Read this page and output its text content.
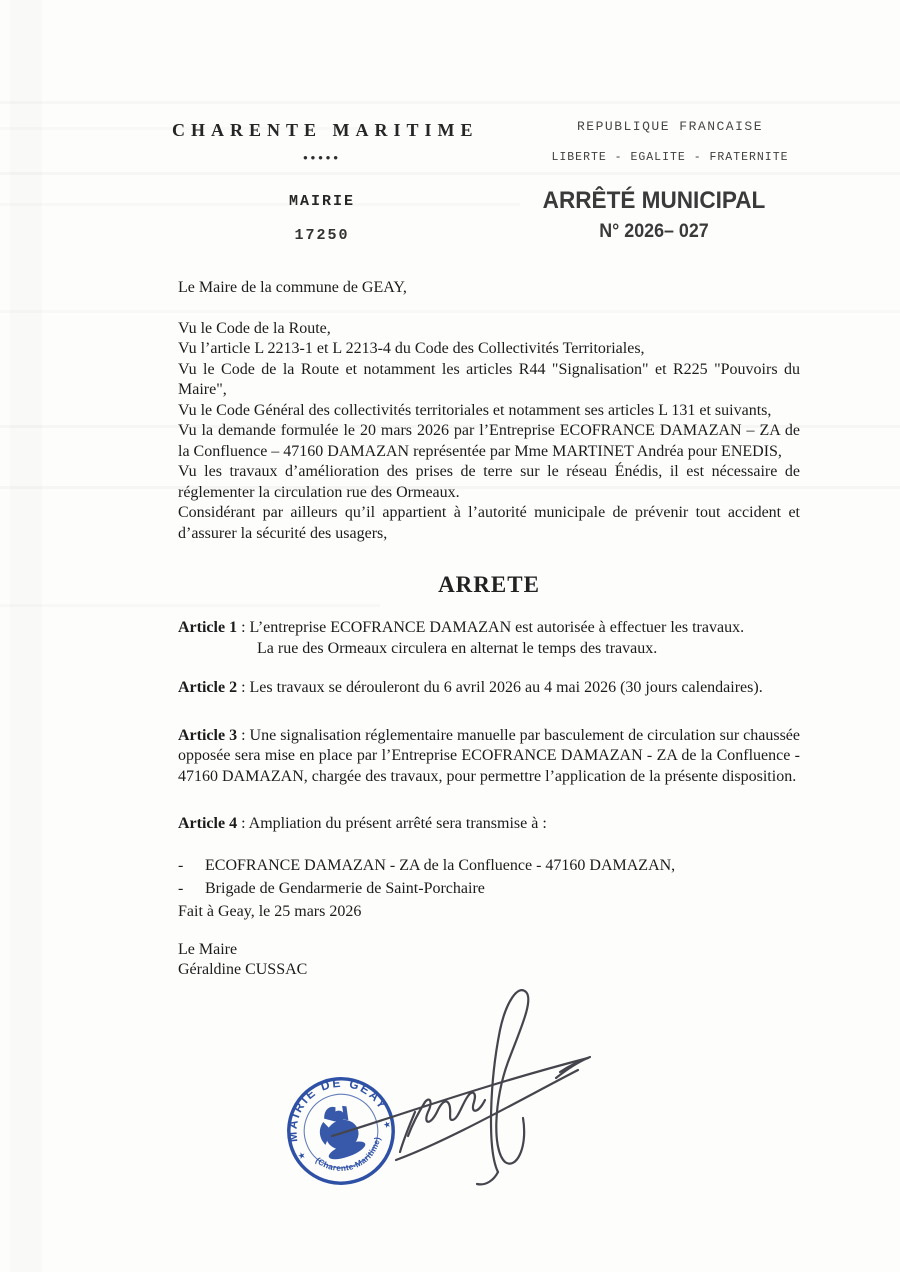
CHARENTE MARITIME
•••••
MAIRIE
17250
REPUBLIQUE FRANCAISE
LIBERTE - EGALITE - FRATERNITE
ARRÊTÉ MUNICIPAL
N° 2026– 027

Le Maire de la commune de GEAY,

Vu le Code de la Route,

Vu l’article L 2213-1 et L 2213-4 du Code des Collectivités Territoriales,

Vu le Code de la Route et notamment les articles R44 "Signalisation" et R225 "Pouvoirs du Maire",

Vu le Code Général des collectivités territoriales et notamment ses articles L 131 et suivants,

Vu la demande formulée le 20 mars 2026 par l’Entreprise ECOFRANCE DAMAZAN – ZA de la Confluence – 47160 DAMAZAN représentée par Mme MARTINET Andréa pour ENEDIS,

Vu les travaux d’amélioration des prises de terre sur le réseau Énédis, il est nécessaire de réglementer la circulation rue des Ormeaux.

Considérant par ailleurs qu’il appartient à l’autorité municipale de prévenir tout accident et d’assurer la sécurité des usagers,

ARRETE

Article 1 : L’entreprise ECOFRANCE DAMAZAN est autorisée à effectuer les travaux.

La rue des Ormeaux circulera en alternat le temps des travaux.

Article 2 : Les travaux se dérouleront du 6 avril 2026 au 4 mai 2026 (30 jours calendaires).

Article 3 : Une signalisation réglementaire manuelle par basculement de circulation sur chaussée opposée sera mise en place par l’Entreprise ECOFRANCE DAMAZAN - ZA de la Confluence - 47160 DAMAZAN, chargée des travaux, pour permettre l’application de la présente disposition.

Article 4 : Ampliation du présent arrêté sera transmise à :

-	ECOFRANCE DAMAZAN - ZA de la Confluence - 47160 DAMAZAN,
-	Brigade de Gendarmerie de Saint-Porchaire

Fait à Geay, le 25 mars 2026

Le Maire

Géraldine CUSSAC

MAIRIE DE GEAY
(Charente-Maritime)
★
★
